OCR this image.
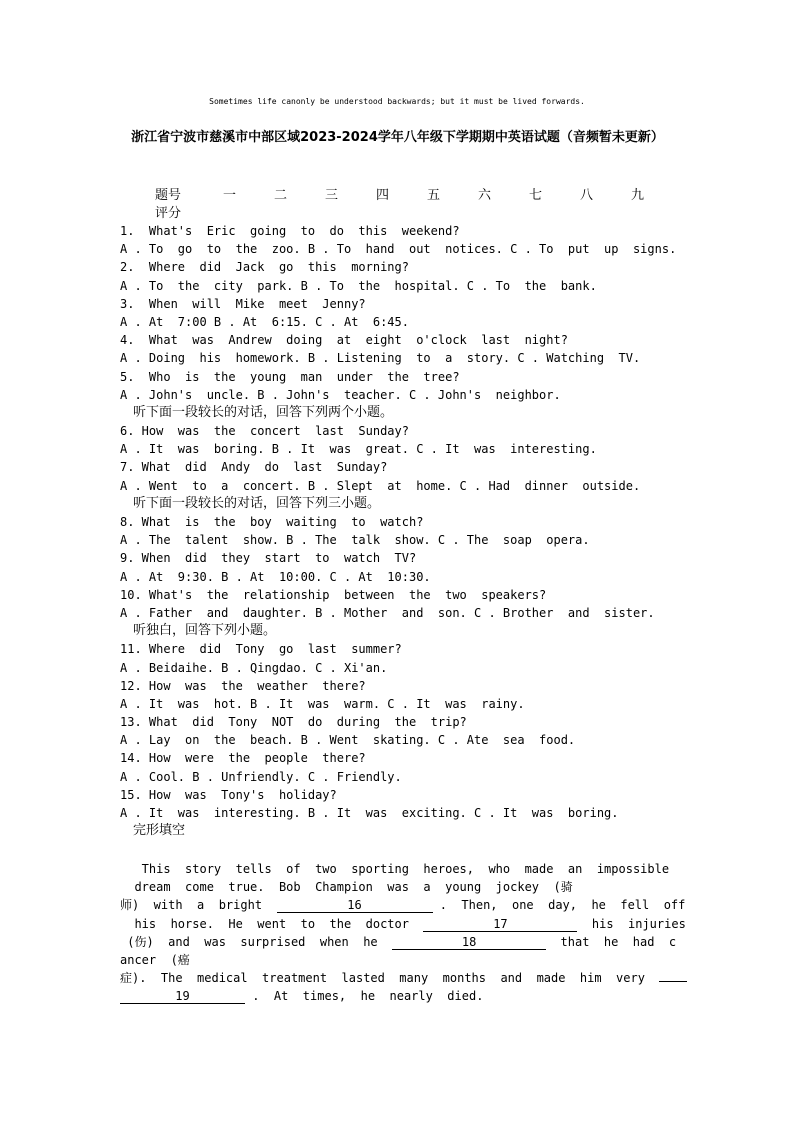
Sometimes life canonly be understood backwards; but it must be lived forwards.
浙江省宁波市慈溪市中部区域2023-2024学年八年级下学期期中英语试题（音频暂未更新）
题号	一	二	三	四	五	六	七	八	九
评分
1.  What's  Eric  going  to  do  this  weekend?
A . To  go  to  the  zoo. B . To  hand  out  notices. C . To  put  up  signs.
2.  Where  did  Jack  go  this  morning?
A . To  the  city  park. B . To  the  hospital. C . To  the  bank.
3.  When  will  Mike  meet  Jenny?
A . At  7:00 B . At  6:15. C . At  6:45.
4.  What  was  Andrew  doing  at  eight  o'clock  last  night?
A . Doing  his  homework. B . Listening  to  a  story. C . Watching  TV.
5.  Who  is  the  young  man  under  the  tree?
A . John's  uncle. B . John's  teacher. C . John's  neighbor.
听下面一段较长的对话，回答下列两个小题。
6. How  was  the  concert  last  Sunday?
A . It  was  boring. B . It  was  great. C . It  was  interesting.
7. What  did  Andy  do  last  Sunday?
A . Went  to  a  concert. B . Slept  at  home. C . Had  dinner  outside.
听下面一段较长的对话，回答下列三小题。
8. What  is  the  boy  waiting  to  watch?
A . The  talent  show. B . The  talk  show. C . The  soap  opera.
9. When  did  they  start  to  watch  TV?
A . At  9:30. B . At  10:00. C . At  10:30.
10. What's  the  relationship  between  the  two  speakers?
A . Father  and  daughter. B . Mother  and  son. C . Brother  and  sister.
听独白，回答下列小题。
11. Where  did  Tony  go  last  summer?
A . Beidaihe. B . Qingdao. C . Xi'an.
12. How  was  the  weather  there?
A . It  was  hot. B . It  was  warm. C . It  was  rainy.
13. What  did  Tony  NOT  do  during  the  trip?
A . Lay  on  the  beach. B . Went  skating. C . Ate  sea  food.
14. How  were  the  people  there?
A . Cool. B . Unfriendly. C . Friendly.
15. How  was  Tony's  holiday?
A . It  was  interesting. B . It  was  exciting. C . It  was  boring.
完形填空
This  story  tells  of  two  sporting  heroes,  who  made  an  impossible
dream  come  true.  Bob  Champion  was  a  young  jockey  (骑
师)  with  a  bright	16	.  Then,  one  day,  he  fell  off
his  horse.  He  went  to  the  doctor	17	his  injuries
(伤)  and  was  surprised  when  he	18	that  he  had  c
ancer  (癌
症).  The  medical  treatment  lasted  many  months  and  made  him  very
19	.  At  times,  he  nearly  died.
